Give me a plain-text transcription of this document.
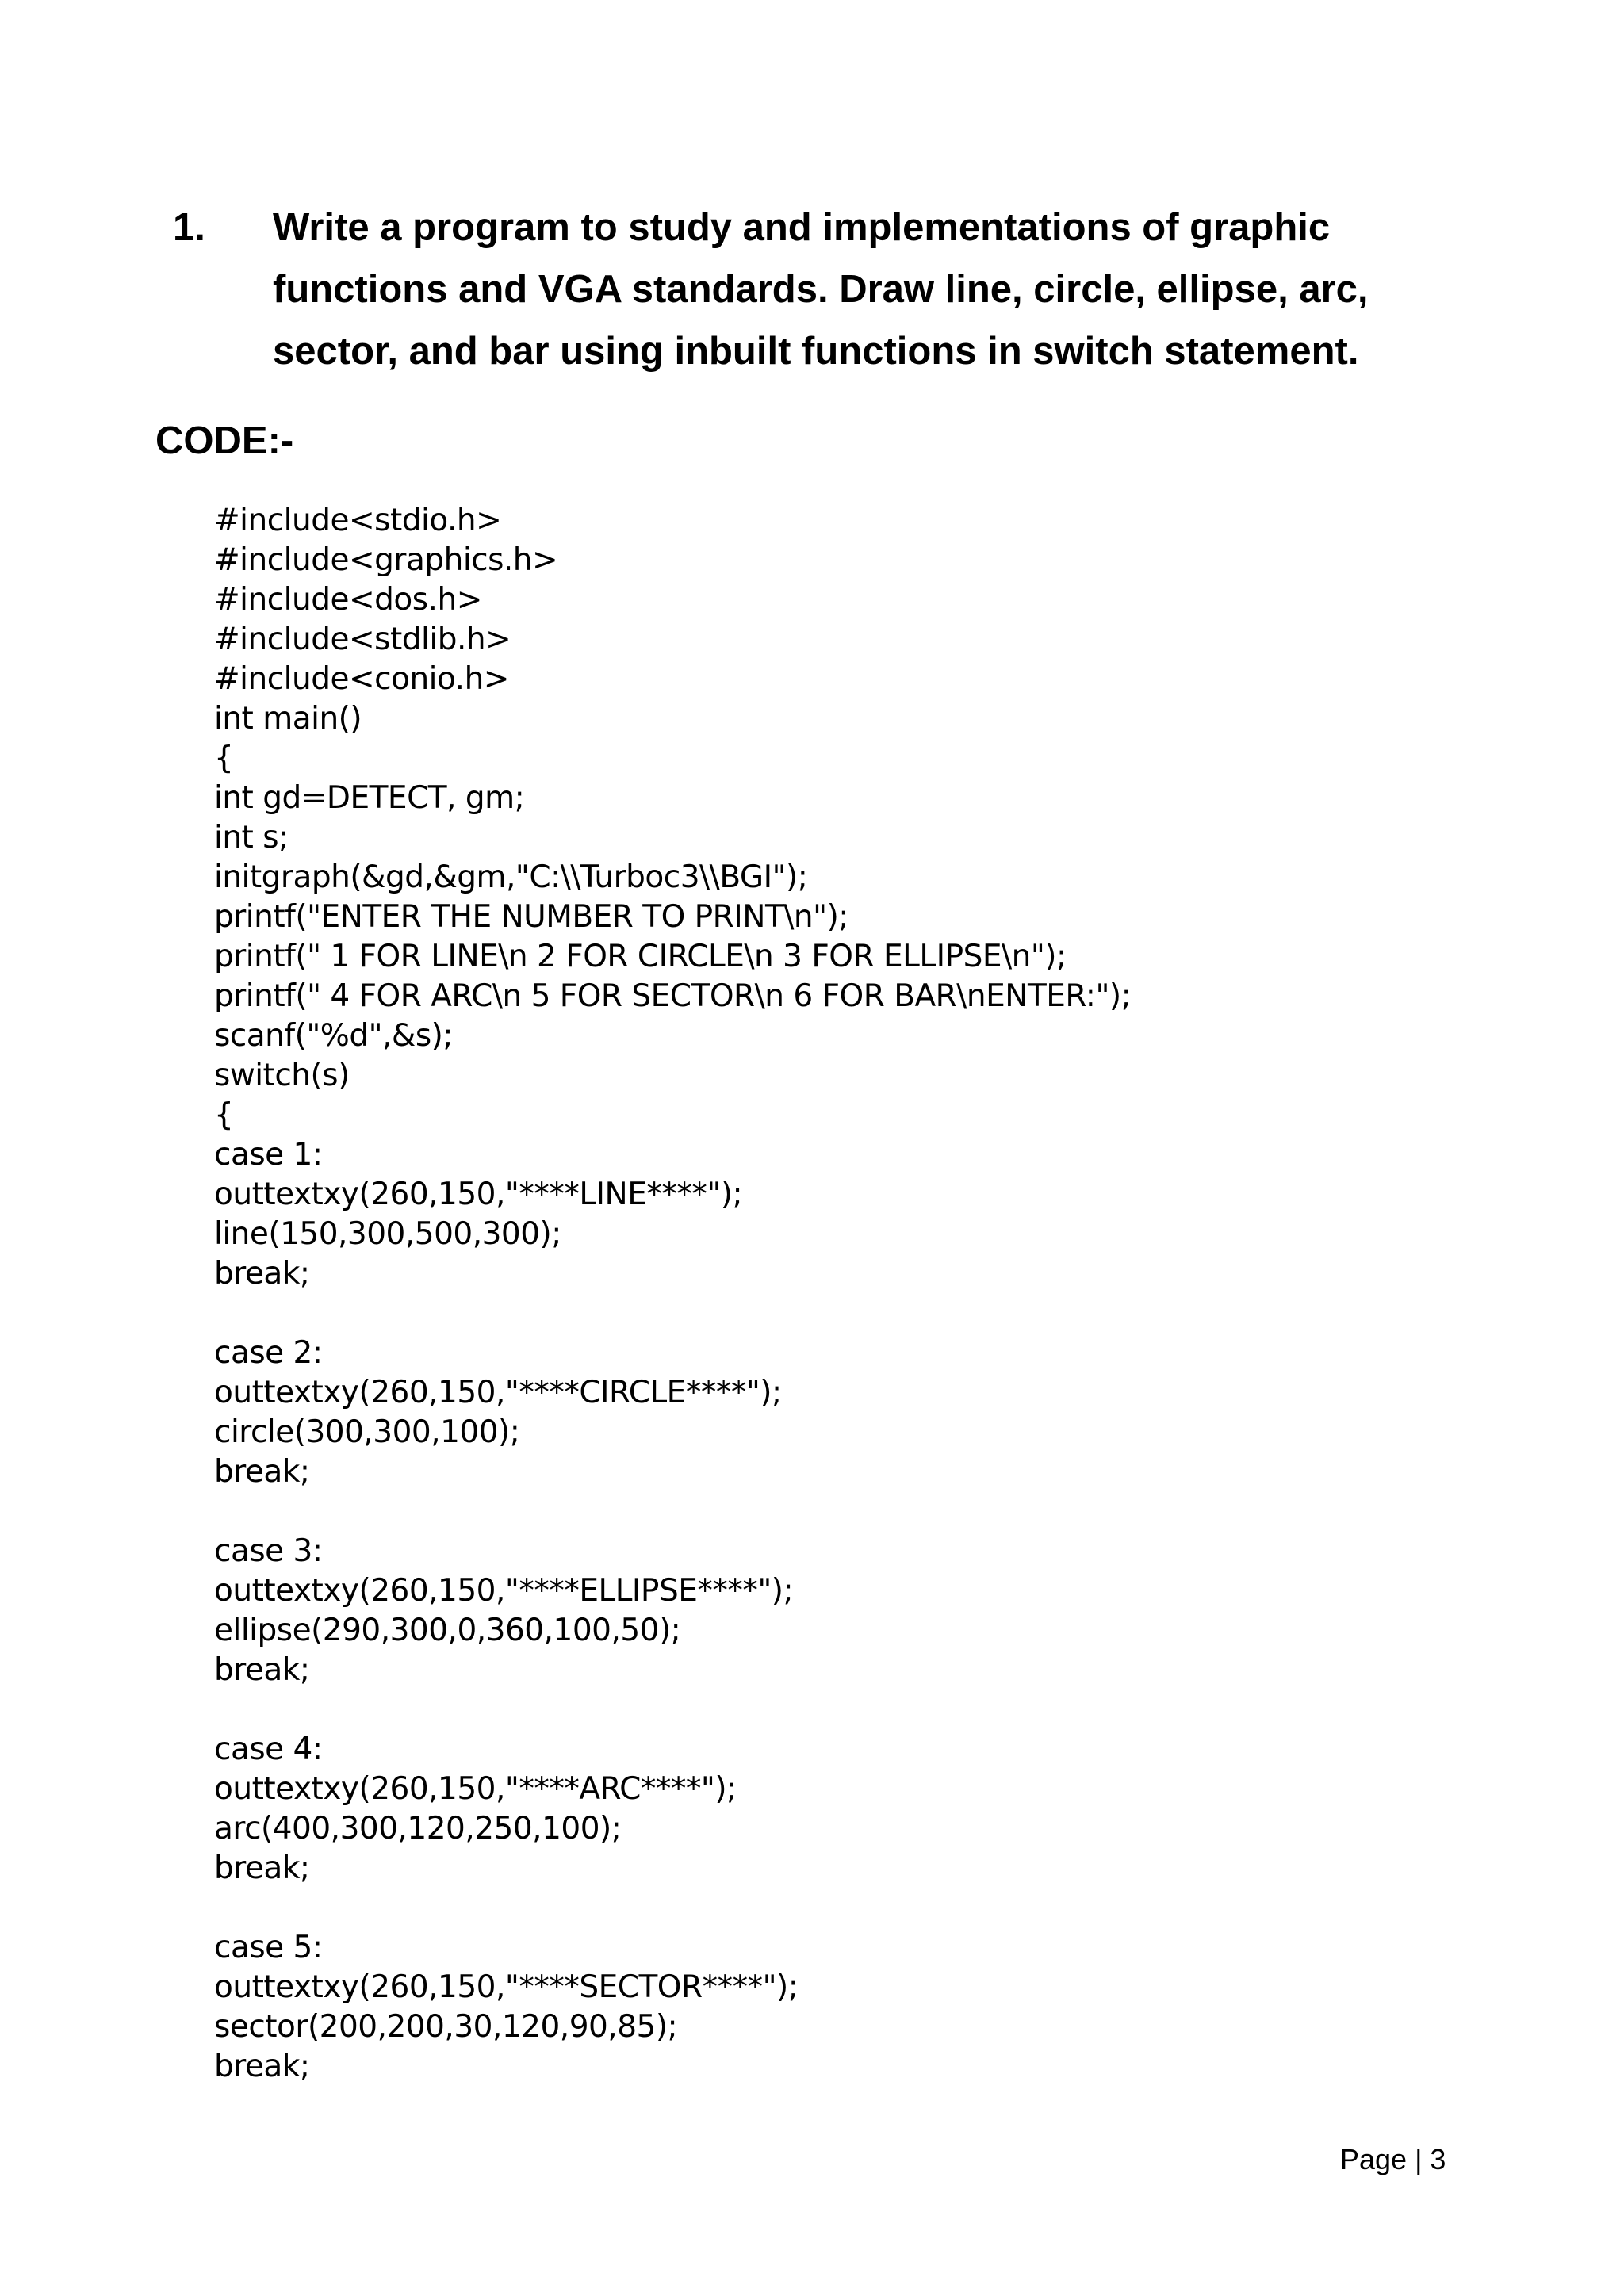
1. Write a program to study and implementations of graphic functions and VGA standards. Draw line, circle, ellipse, arc, sector, and bar using inbuilt functions in switch statement.
CODE:-
#include<stdio.h>
#include<graphics.h>
#include<dos.h>
#include<stdlib.h>
#include<conio.h>
int main()
{
int gd=DETECT, gm;
int s;
initgraph(&gd,&gm,"C:\\Turboc3\\BGI");
printf("ENTER THE NUMBER TO PRINT\n");
printf(" 1 FOR LINE\n 2 FOR CIRCLE\n 3 FOR ELLIPSE\n");
printf(" 4 FOR ARC\n 5 FOR SECTOR\n 6 FOR BAR\nENTER:");
scanf("%d",&s);
switch(s)
{
case 1:
outtextxy(260,150,"****LINE****");
line(150,300,500,300);
break;
case 2:
outtextxy(260,150,"****CIRCLE****");
circle(300,300,100);
break;
case 3:
outtextxy(260,150,"****ELLIPSE****");
ellipse(290,300,0,360,100,50);
break;
case 4:
outtextxy(260,150,"****ARC****");
arc(400,300,120,250,100);
break;
case 5:
outtextxy(260,150,"****SECTOR****");
sector(200,200,30,120,90,85);
break;
Page | 3
